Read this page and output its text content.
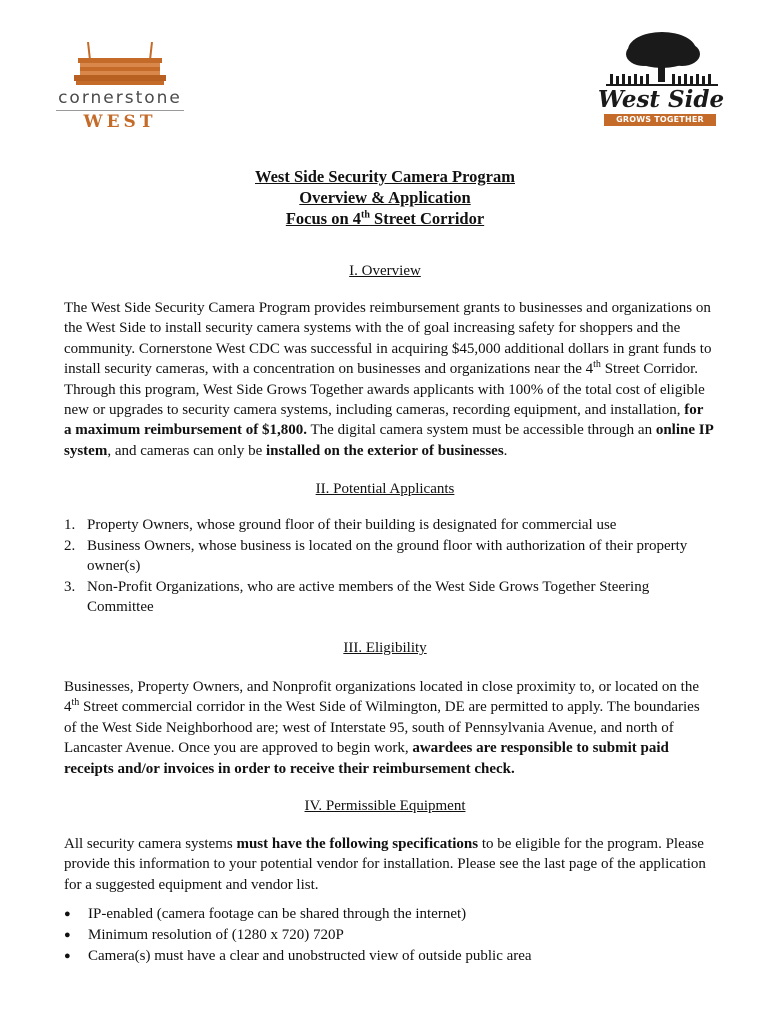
cornerstone
WEST
West Side
GROWS TOGETHER
West Side Security Camera Program
Overview & Application
Focus on 4th Street Corridor
I. Overview
The West Side Security Camera Program provides reimbursement grants to businesses and organizations on the West Side to install security camera systems with the of goal increasing safety for shoppers and the community. Cornerstone West CDC was successful in acquiring $45,000 additional dollars in grant funds to install security cameras, with a concentration on businesses and organizations near the 4th Street Corridor. Through this program, West Side Grows Together awards applicants with 100% of the total cost of eligible new or upgrades to security camera systems, including cameras, recording equipment, and installation, for a maximum reimbursement of $1,800. The digital camera system must be accessible through an online IP system, and cameras can only be installed on the exterior of businesses.
II. Potential Applicants
1. Property Owners, whose ground floor of their building is designated for commercial use
2. Business Owners, whose business is located on the ground floor with authorization of their property owner(s)
3. Non-Profit Organizations, who are active members of the West Side Grows Together Steering Committee
III. Eligibility
Businesses, Property Owners, and Nonprofit organizations located in close proximity to, or located on the 4th Street commercial corridor in the West Side of Wilmington, DE are permitted to apply. The boundaries of the West Side Neighborhood are; west of Interstate 95, south of Pennsylvania Avenue, and north of Lancaster Avenue. Once you are approved to begin work, awardees are responsible to submit paid receipts and/or invoices in order to receive their reimbursement check.
IV. Permissible Equipment
All security camera systems must have the following specifications to be eligible for the program. Please provide this information to your potential vendor for installation. Please see the last page of the application for a suggested equipment and vendor list.
● IP-enabled (camera footage can be shared through the internet)
● Minimum resolution of (1280 x 720) 720P
● Camera(s) must have a clear and unobstructed view of outside public area
